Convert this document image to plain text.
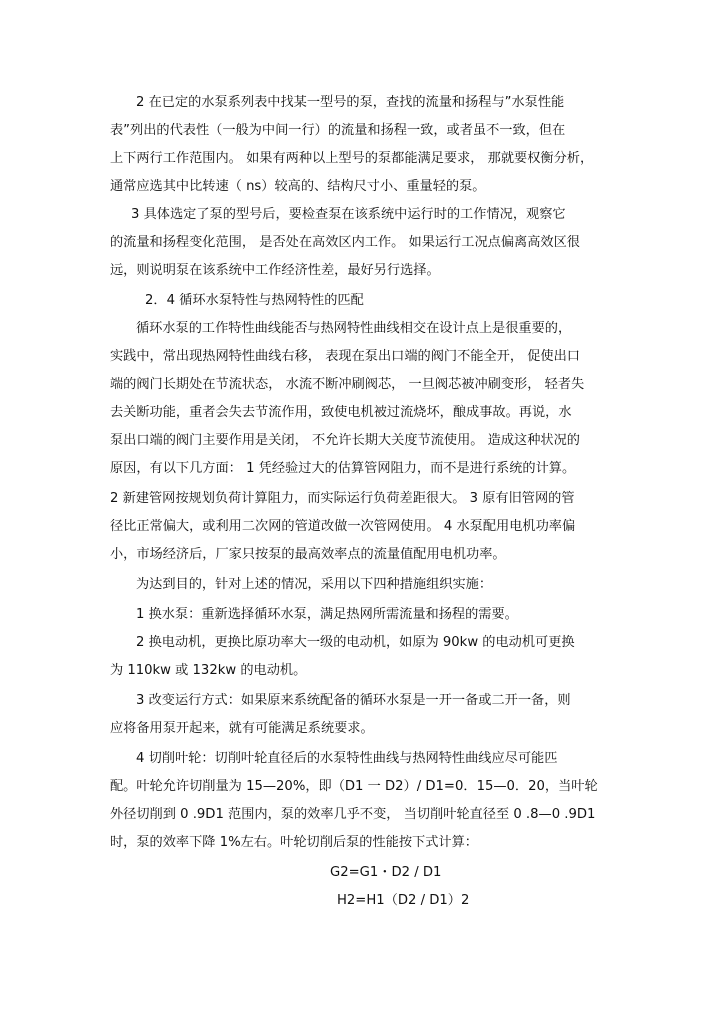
2 在已定的水泵系列表中找某一型号的泵，查找的流量和扬程与”水泵性能
表”列出的代表性（一般为中间一行）的流量和扬程一致，或者虽不一致，但在
上下两行工作范围内。 如果有两种以上型号的泵都能满足要求， 那就要权衡分析，
通常应选其中比转速（ ns）较高的、结构尺寸小、重量轻的泵。
3 具体选定了泵的型号后，要检查泵在该系统中运行时的工作情况，观察它
的流量和扬程变化范围， 是否处在高效区内工作。 如果运行工况点偏离高效区很
远，则说明泵在该系统中工作经济性差，最好另行选择。
2．4 循环水泵特性与热网特性的匹配
循环水泵的工作特性曲线能否与热网特性曲线相交在设计点上是很重要的，
实践中，常出现热网特性曲线右移， 表现在泵出口端的阀门不能全开， 促使出口
端的阀门长期处在节流状态， 水流不断冲刷阀芯， 一旦阀芯被冲刷变形， 轻者失
去关断功能，重者会失去节流作用，致使电机被过流烧坏，酿成事故。再说，水
泵出口端的阀门主要作用是关闭， 不允许长期大关度节流使用。 造成这种状况的
原因，有以下几方面： 1 凭经验过大的估算管网阻力，而不是进行系统的计算。
2 新建管网按规划负荷计算阻力，而实际运行负荷差距很大。 3 原有旧管网的管
径比正常偏大，或利用二次网的管道改做一次管网使用。 4 水泵配用电机功率偏
小，市场经济后，厂家只按泵的最高效率点的流量值配用电机功率。
为达到目的，针对上述的情况，采用以下四种措施组织实施：
1 换水泵：重新选择循环水泵，满足热网所需流量和扬程的需要。
2 换电动机，更换比原功率大一级的电动机，如原为 90kw 的电动机可更换
为 110kw 或 132kw 的电动机。
3 改变运行方式：如果原来系统配备的循环水泵是一开一备或二开一备，则
应将备用泵开起来，就有可能满足系统要求。
4 切削叶轮：切削叶轮直径后的水泵特性曲线与热网特性曲线应尽可能匹
配。叶轮允许切削量为 15—20%，即（D1 一 D2）/ D1=0．15—0．20，当叶轮
外径切削到 0 .9D1 范围内，泵的效率几乎不变， 当切削叶轮直径至 0 .8—0 .9D1
时，泵的效率下降 1%左右。叶轮切削后泵的性能按下式计算：
G2=G1・D2 / D1
H2=H1（D2 / D1）2
